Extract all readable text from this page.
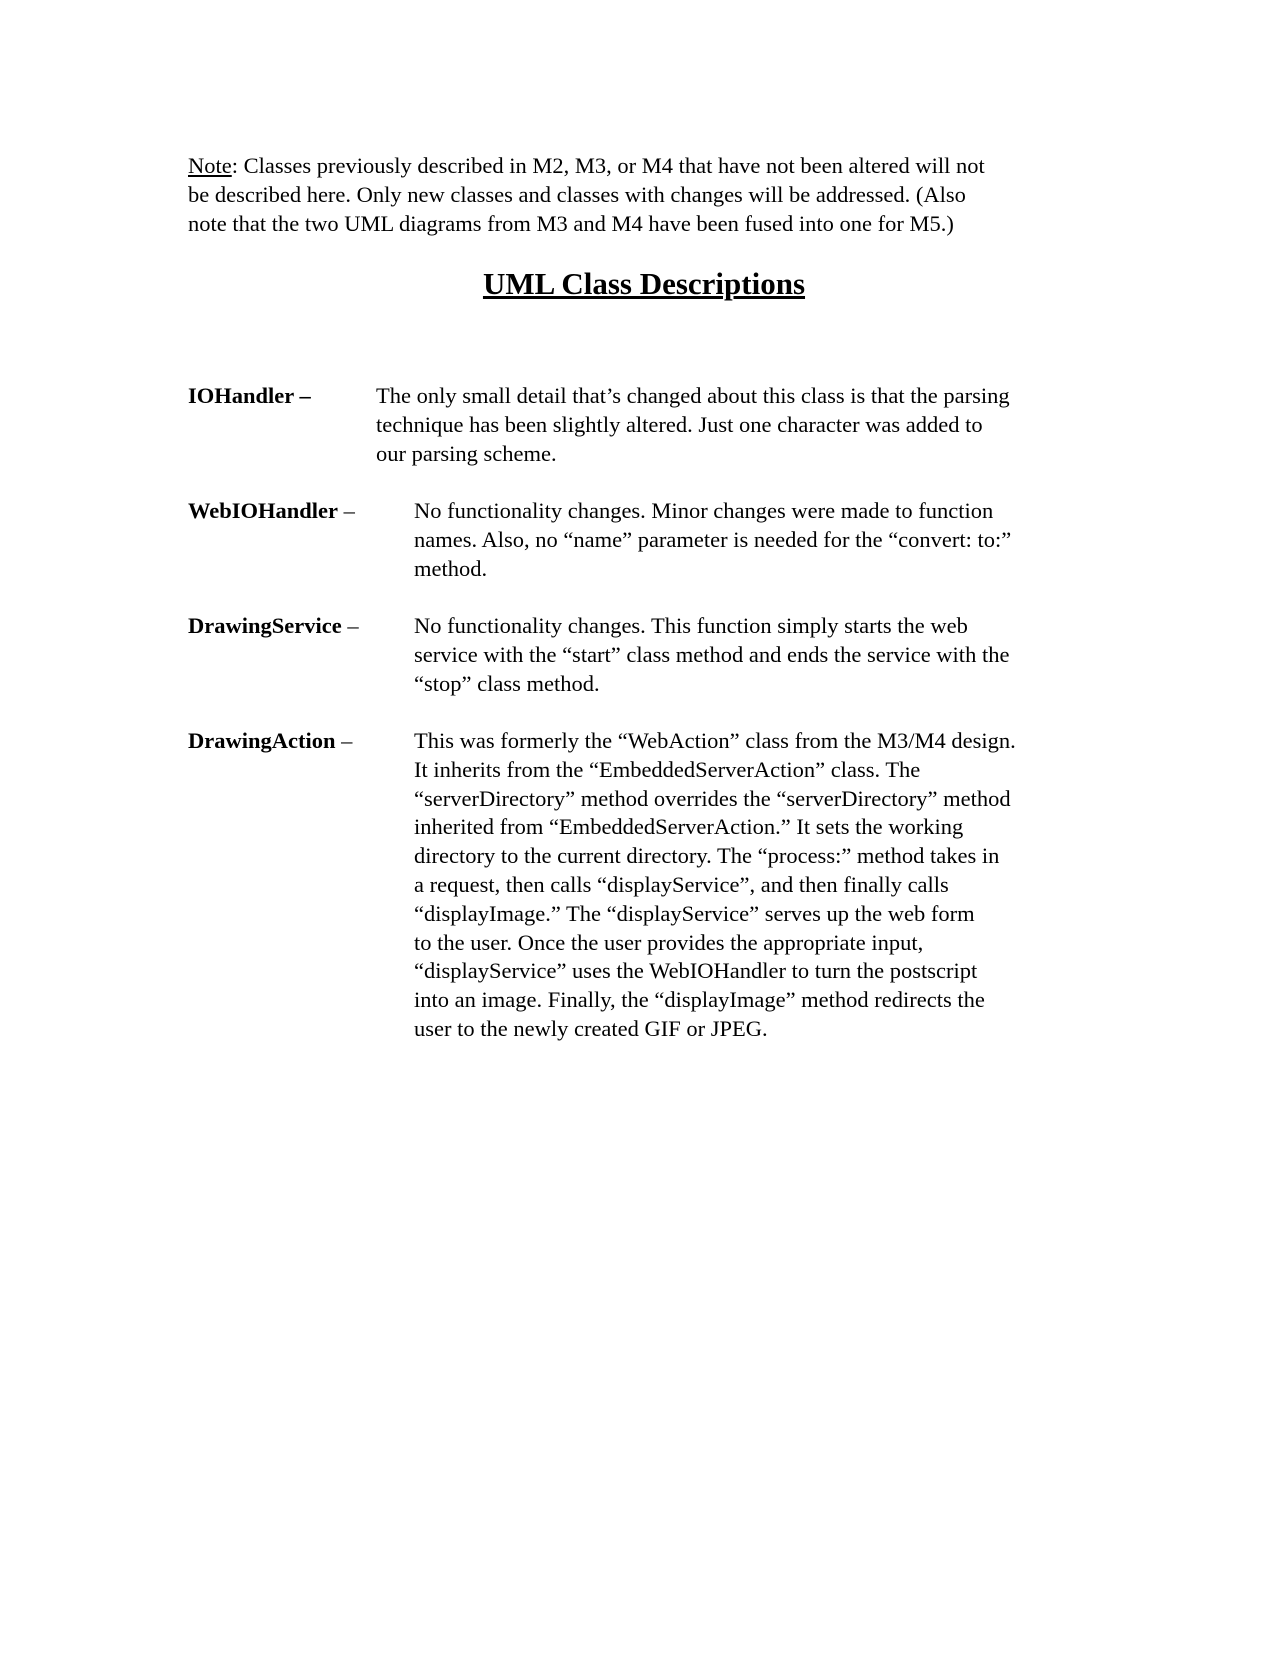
Note: Classes previously described in M2, M3, or M4 that have not been altered will not
be described here. Only new classes and classes with changes will be addressed. (Also
note that the two UML diagrams from M3 and M4 have been fused into one for M5.)
UML Class Descriptions
IOHandler –	The only small detail that’s changed about this class is that the parsing
technique has been slightly altered. Just one character was added to
our parsing scheme.
WebIOHandler –	No functionality changes. Minor changes were made to function
names. Also, no “name” parameter is needed for the “convert: to:”
method.
DrawingService – No functionality changes. This function simply starts the web
service with the “start” class method and ends the service with the
“stop” class method.
DrawingAction –	This was formerly the “WebAction” class from the M3/M4 design.
It inherits from the “EmbeddedServerAction” class. The
“serverDirectory” method overrides the “serverDirectory” method
inherited from “EmbeddedServerAction.” It sets the working
directory to the current directory. The “process:” method takes in
a request, then calls “displayService”, and then finally calls
“displayImage.” The “displayService” serves up the web form
to the user. Once the user provides the appropriate input,
“displayService” uses the WebIOHandler to turn the postscript
into an image. Finally, the “displayImage” method redirects the
user to the newly created GIF or JPEG.
